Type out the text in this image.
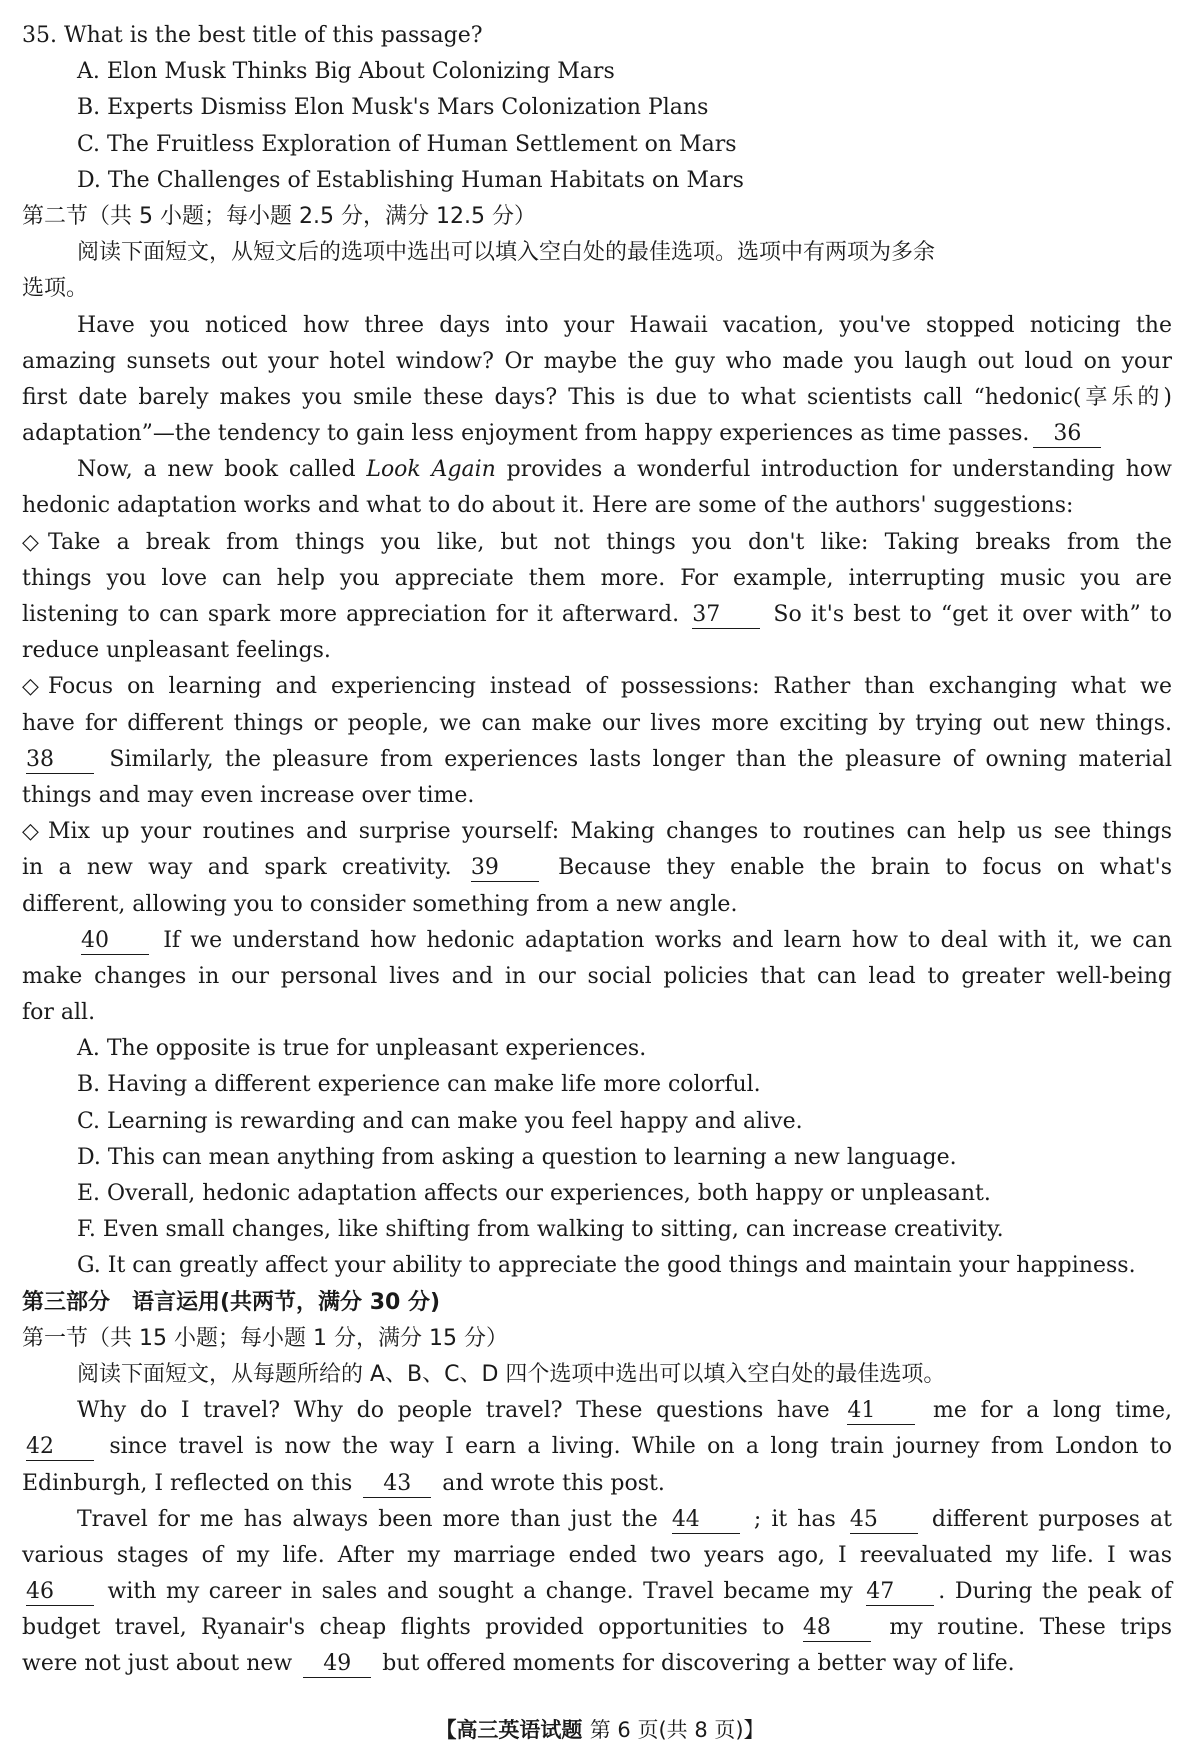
35. What is the best title of this passage?
A. Elon Musk Thinks Big About Colonizing Mars
B. Experts Dismiss Elon Musk's Mars Colonization Plans
C. The Fruitless Exploration of Human Settlement on Mars
D. The Challenges of Establishing Human Habitats on Mars
第二节（共 5 小题；每小题 2.5 分，满分 12.5 分）
阅读下面短文，从短文后的选项中选出可以填入空白处的最佳选项。选项中有两项为多余
选项。
Have you noticed how three days into your Hawaii vacation, you've stopped noticing the
amazing sunsets out your hotel window? Or maybe the guy who made you laugh out loud on your
first date barely makes you smile these days? This is due to what scientists call “hedonic(享乐的)
adaptation”—the tendency to gain less enjoyment from happy experiences as time passes. 36
Now, a new book called Look Again provides a wonderful introduction for understanding how
hedonic adaptation works and what to do about it. Here are some of the authors' suggestions:
◇ Take a break from things you like, but not things you don't like: Taking breaks from the
things you love can help you appreciate them more. For example, interrupting music you are
listening to can spark more appreciation for it afterward. 37 So it's best to “get it over with” to
reduce unpleasant feelings.
◇ Focus on learning and experiencing instead of possessions: Rather than exchanging what we
have for different things or people, we can make our lives more exciting by trying out new things.
38	Similarly, the pleasure from experiences lasts longer than the pleasure of owning material
things and may even increase over time.
◇ Mix up your routines and surprise yourself: Making changes to routines can help us see things
in a new way and spark creativity. 39	Because they enable the brain to focus on what's
different, allowing you to consider something from a new angle.
40 If we understand how hedonic adaptation works and learn how to deal with it, we can
make changes in our personal lives and in our social policies that can lead to greater well-being
for all.
A. The opposite is true for unpleasant experiences.
B. Having a different experience can make life more colorful.
C. Learning is rewarding and can make you feel happy and alive.
D. This can mean anything from asking a question to learning a new language.
E. Overall, hedonic adaptation affects our experiences, both happy or unpleasant.
F. Even small changes, like shifting from walking to sitting, can increase creativity.
G. It can greatly affect your ability to appreciate the good things and maintain your happiness.
第三部分　语言运用(共两节，满分 30 分)
第一节（共 15 小题；每小题 1 分，满分 15 分）
阅读下面短文，从每题所给的 A、B、C、D 四个选项中选出可以填入空白处的最佳选项。
Why do I travel? Why do people travel? These questions have 41	me for a long time,
42	since travel is now the way I earn a living. While on a long train journey from London to
Edinburgh, I reflected on this 43 and wrote this post.
Travel for me has always been more than just the 44 ; it has 45 different purposes at
various stages of my life. After my marriage ended two years ago, I reevaluated my life. I was
46 with my career in sales and sought a change. Travel became my 47 . During the peak of
budget travel, Ryanair's cheap flights provided opportunities to 48	my routine. These trips
were not just about new 49 but offered moments for discovering a better way of life.
【高三英语试题 第 6 页(共 8 页)】
